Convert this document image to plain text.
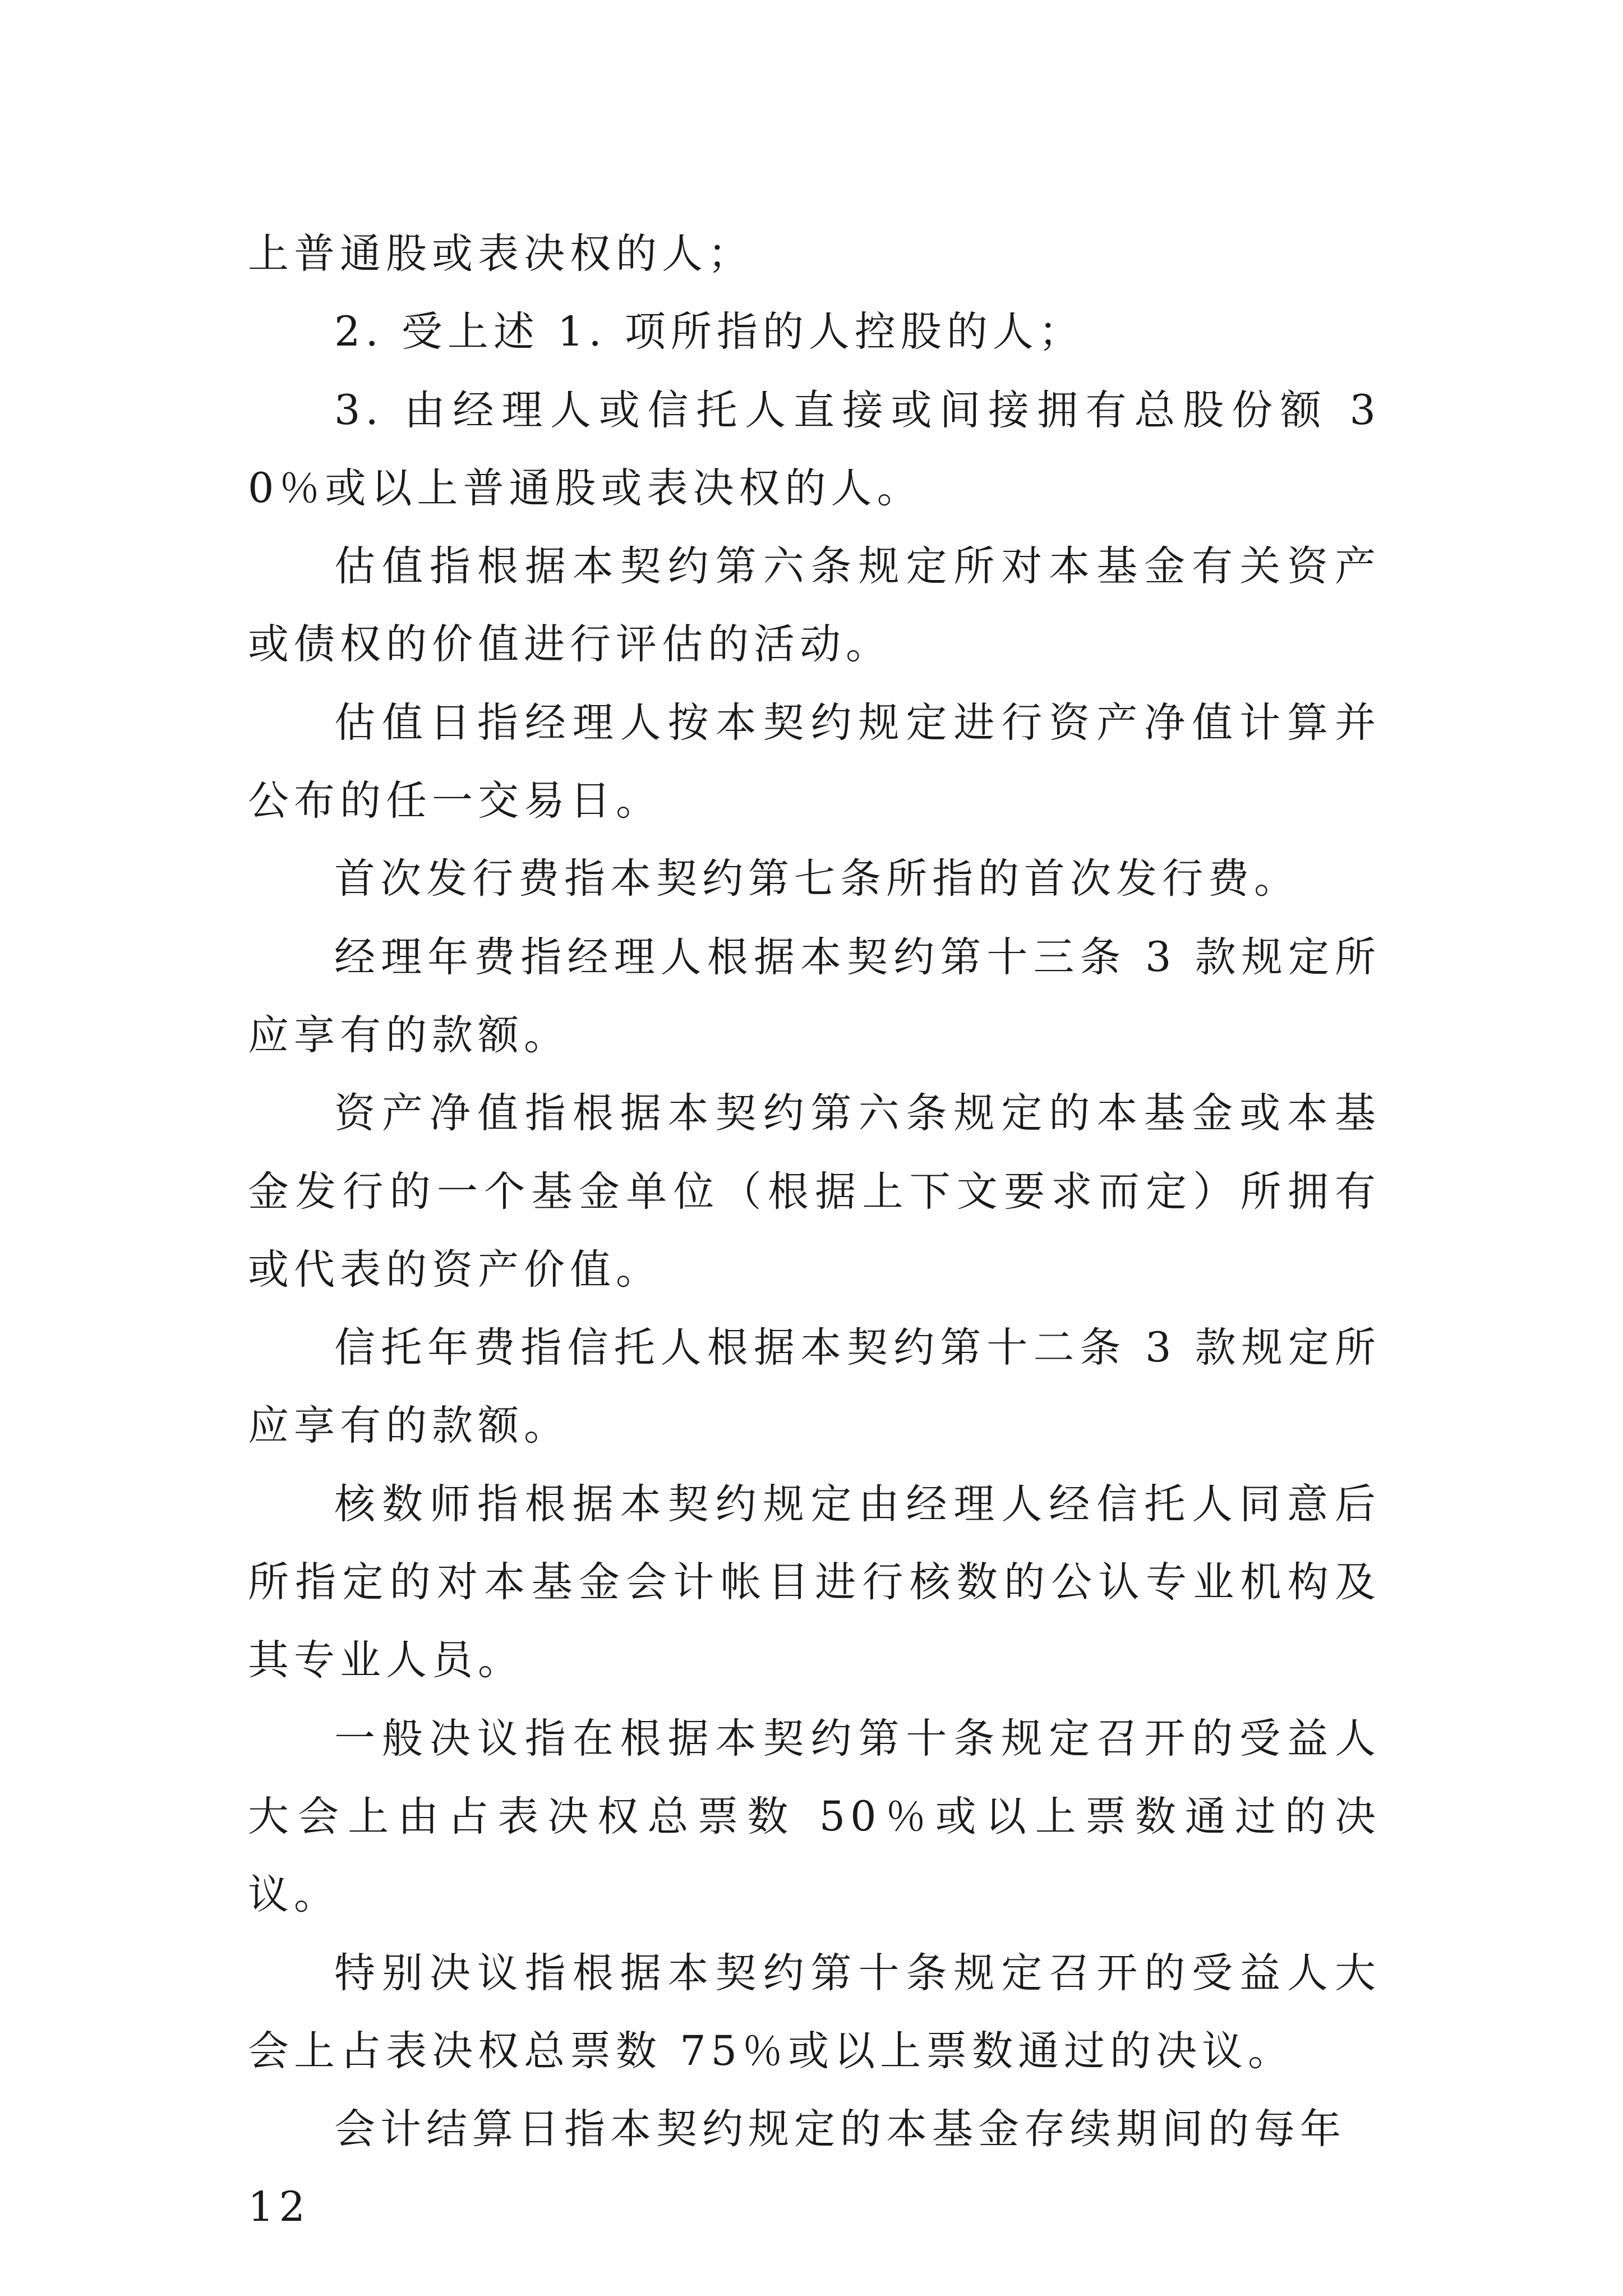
上普通股或表决权的人；

2. 受上述 1. 项所指的人控股的人；

3. 由经理人或信托人直接或间接拥有总股份额 30％或以上普通股或表决权的人。

估值指根据本契约第六条规定所对本基金有关资产或债权的价值进行评估的活动。

估值日指经理人按本契约规定进行资产净值计算并公布的任一交易日。

首次发行费指本契约第七条所指的首次发行费。

经理年费指经理人根据本契约第十三条 3 款规定所应享有的款额。

资产净值指根据本契约第六条规定的本基金或本基金发行的一个基金单位（根据上下文要求而定）所拥有或代表的资产价值。

信托年费指信托人根据本契约第十二条 3 款规定所应享有的款额。

核数师指根据本契约规定由经理人经信托人同意后所指定的对本基金会计帐目进行核数的公认专业机构及其专业人员。

一般决议指在根据本契约第十条规定召开的受益人大会上由占表决权总票数 50％或以上票数通过的决议。

特别决议指根据本契约第十条规定召开的受益人大会上占表决权总票数 75％或以上票数通过的决议。

会计结算日指本契约规定的本基金存续期间的每年 12
